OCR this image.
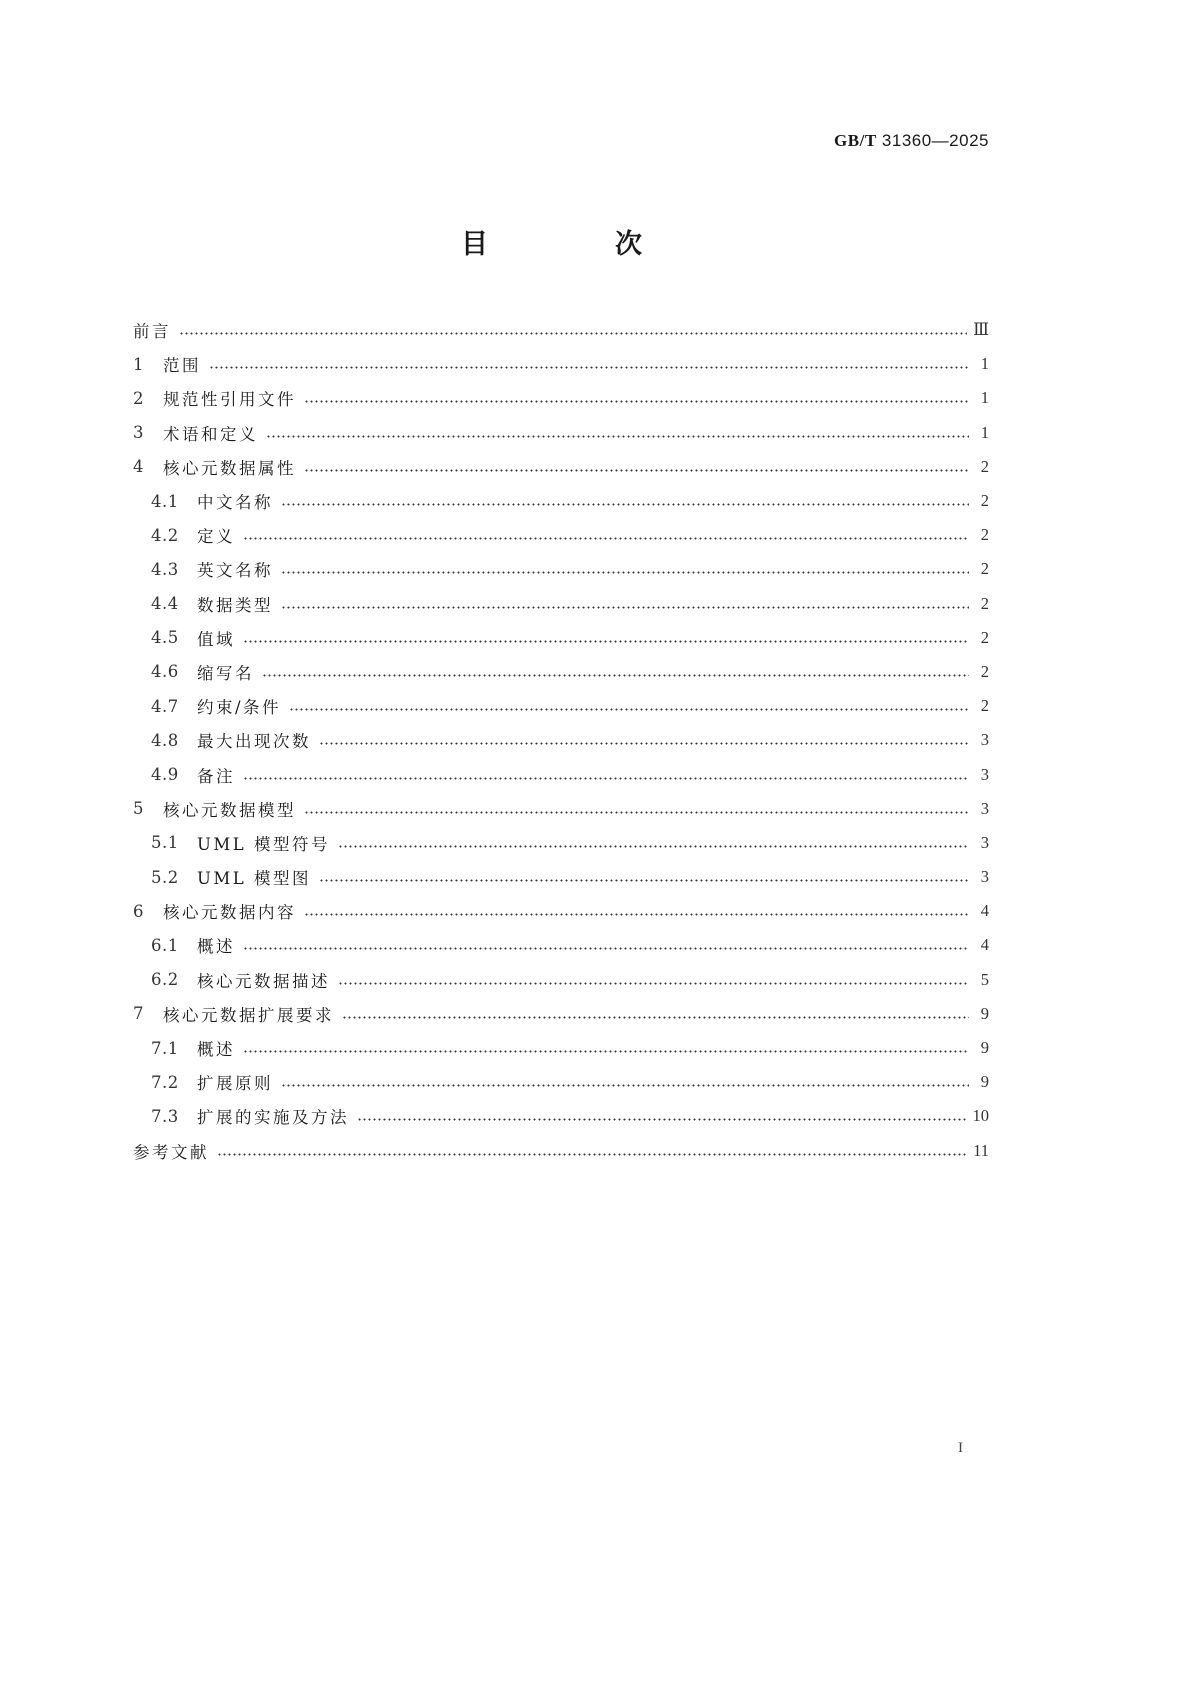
GB/T 31360—2025
目　次
前言	Ⅲ
1	范围	1
2	规范性引用文件	1
3	术语和定义	1
4	核心元数据属性	2
4.1	中文名称	2
4.2	定义	2
4.3	英文名称	2
4.4	数据类型	2
4.5	值域	2
4.6	缩写名	2
4.7	约束/条件	2
4.8	最大出现次数	3
4.9	备注	3
5	核心元数据模型	3
5.1	UML 模型符号	3
5.2	UML 模型图	3
6	核心元数据内容	4
6.1	概述	4
6.2	核心元数据描述	5
7	核心元数据扩展要求	9
7.1	概述	9
7.2	扩展原则	9
7.3	扩展的实施及方法	10
参考文献	11
I
